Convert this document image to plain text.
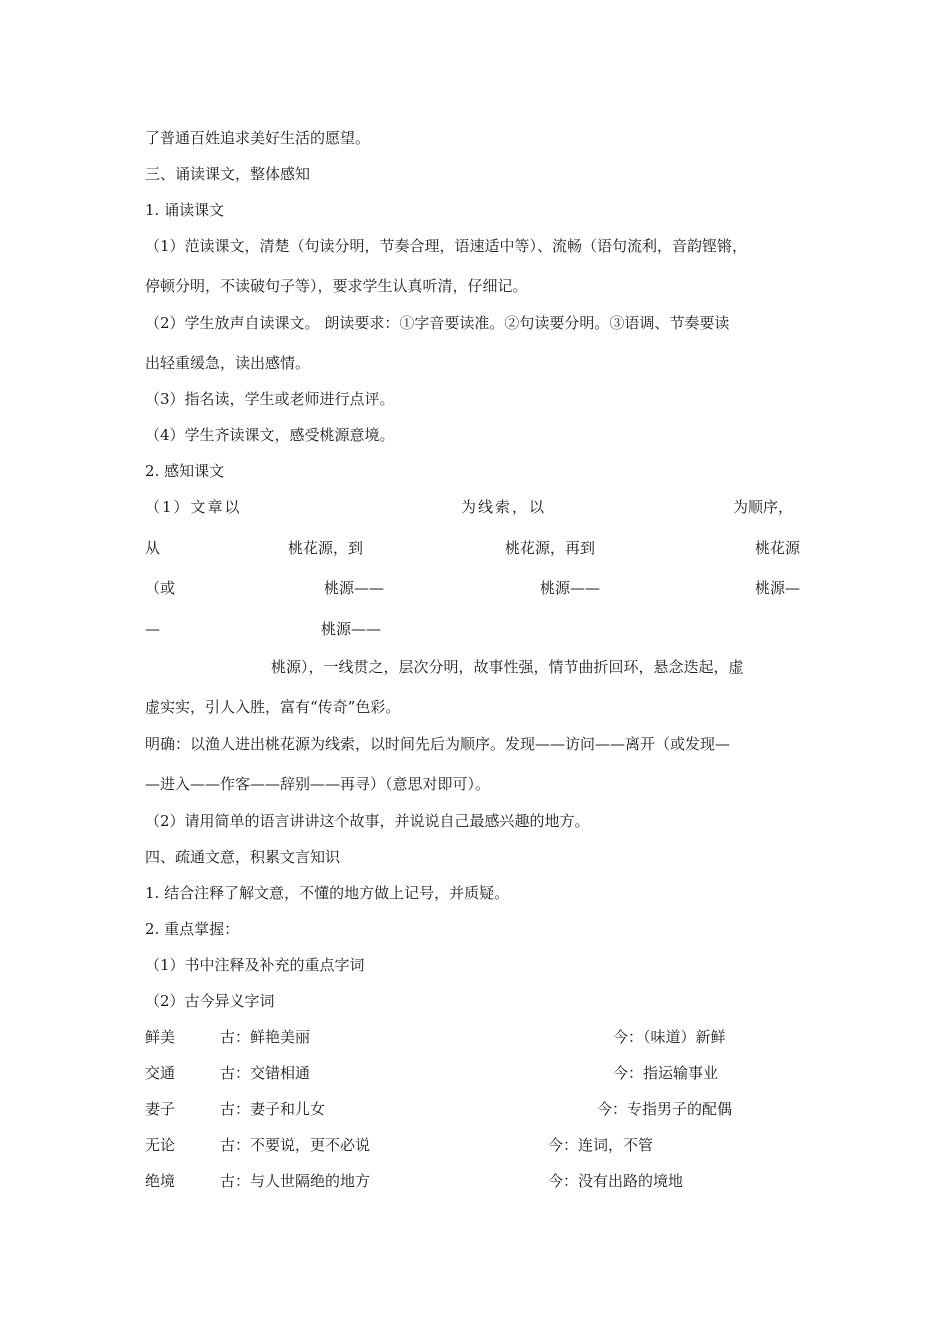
了普通百姓追求美好生活的愿望。
三、诵读课文，整体感知
1. 诵读课文
（1）范读课文，清楚（句读分明，节奏合理，语速适中等）、流畅（语句流利，音韵铿锵，
停顿分明，不读破句子等），要求学生认真听清，仔细记。
（2）学生放声自读课文。 朗读要求：①字音要读准。②句读要分明。③语调、节奏要读
出轻重缓急，读出感情。
（3）指名读，学生或老师进行点评。
（4）学生齐读课文，感受桃源意境。
2. 感知课文
（1）文章以	为线索，以	为顺序，
从	桃花源，到	桃花源，再到	桃花源
（或	桃源——	桃源——	桃源—
—	桃源——
桃源），一线贯之，层次分明，故事性强，情节曲折回环，悬念迭起，虚
虚实实，引人入胜，富有“传奇”色彩。
明确：以渔人进出桃花源为线索，以时间先后为顺序。发现——访问——离开（或发现—
—进入——作客——辞别——再寻）（意思对即可）。
（2）请用简单的语言讲讲这个故事，并说说自己最感兴趣的地方。
四、疏通文意，积累文言知识
1. 结合注释了解文意，不懂的地方做上记号，并质疑。
2. 重点掌握：
（1）书中注释及补充的重点字词
（2）古今异义字词
鲜美	古：鲜艳美丽	今：（味道）新鲜
交通	古：交错相通	今：指运输事业
妻子	古：妻子和儿女	今：专指男子的配偶
无论	古：不要说，更不必说	今：连词，不管
绝境	古：与人世隔绝的地方	今：没有出路的境地
